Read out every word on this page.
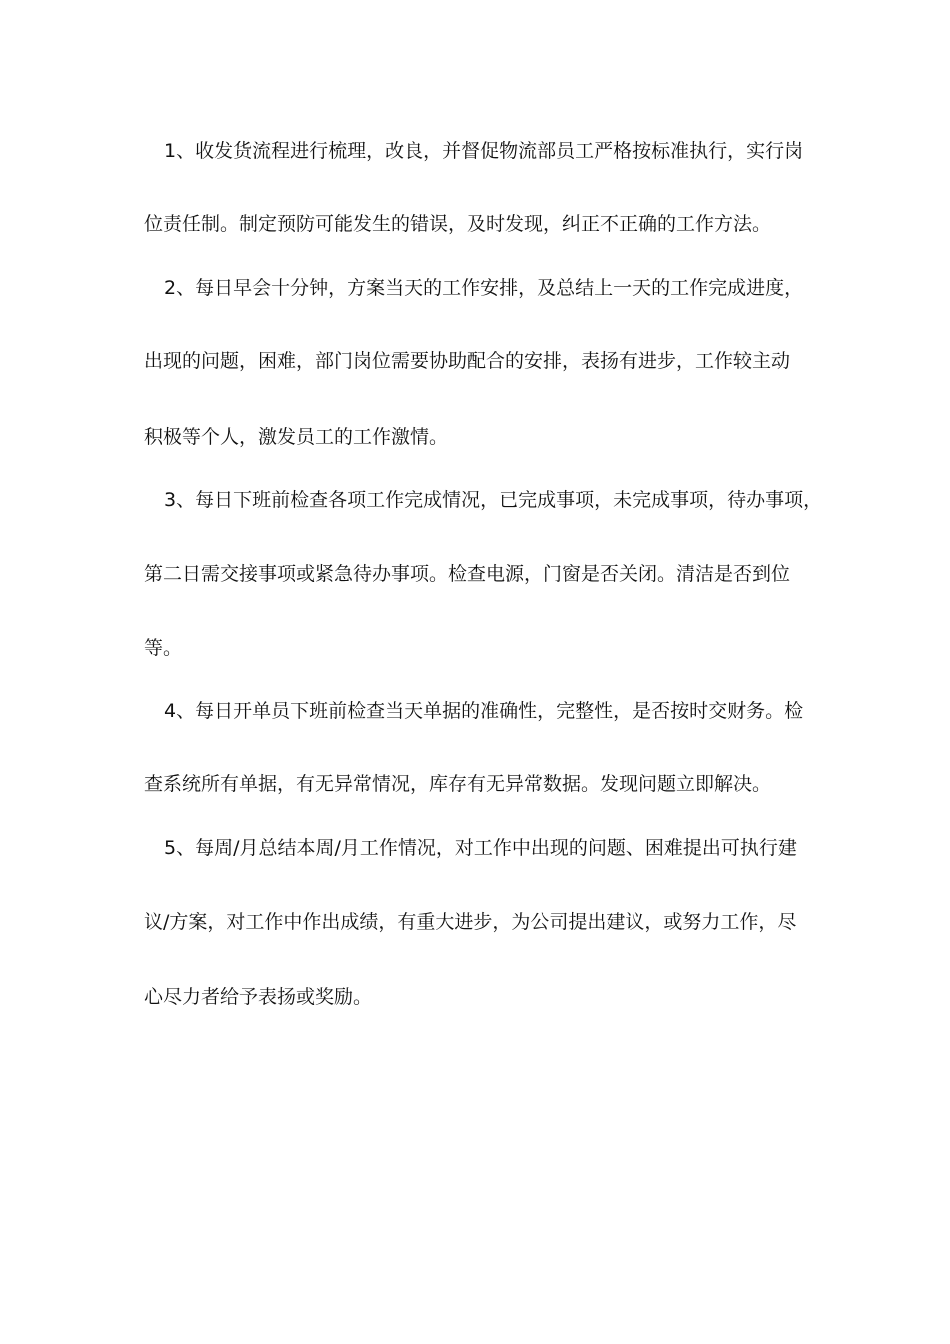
1、收发货流程进行梳理，改良，并督促物流部员工严格按标准执行，实行岗
位责任制。制定预防可能发生的错误，及时发现，纠正不正确的工作方法。
2、每日早会十分钟，方案当天的工作安排，及总结上一天的工作完成进度，
出现的问题，困难，部门岗位需要协助配合的安排，表扬有进步，工作较主动
积极等个人，激发员工的工作激情。
3、每日下班前检查各项工作完成情况，已完成事项，未完成事项，待办事项，
第二日需交接事项或紧急待办事项。检查电源，门窗是否关闭。清洁是否到位
等。
4、每日开单员下班前检查当天单据的准确性，完整性，是否按时交财务。检
查系统所有单据，有无异常情况，库存有无异常数据。发现问题立即解决。
5、每周/月总结本周/月工作情况，对工作中出现的问题、困难提出可执行建
议/方案，对工作中作出成绩，有重大进步，为公司提出建议，或努力工作，尽
心尽力者给予表扬或奖励。
